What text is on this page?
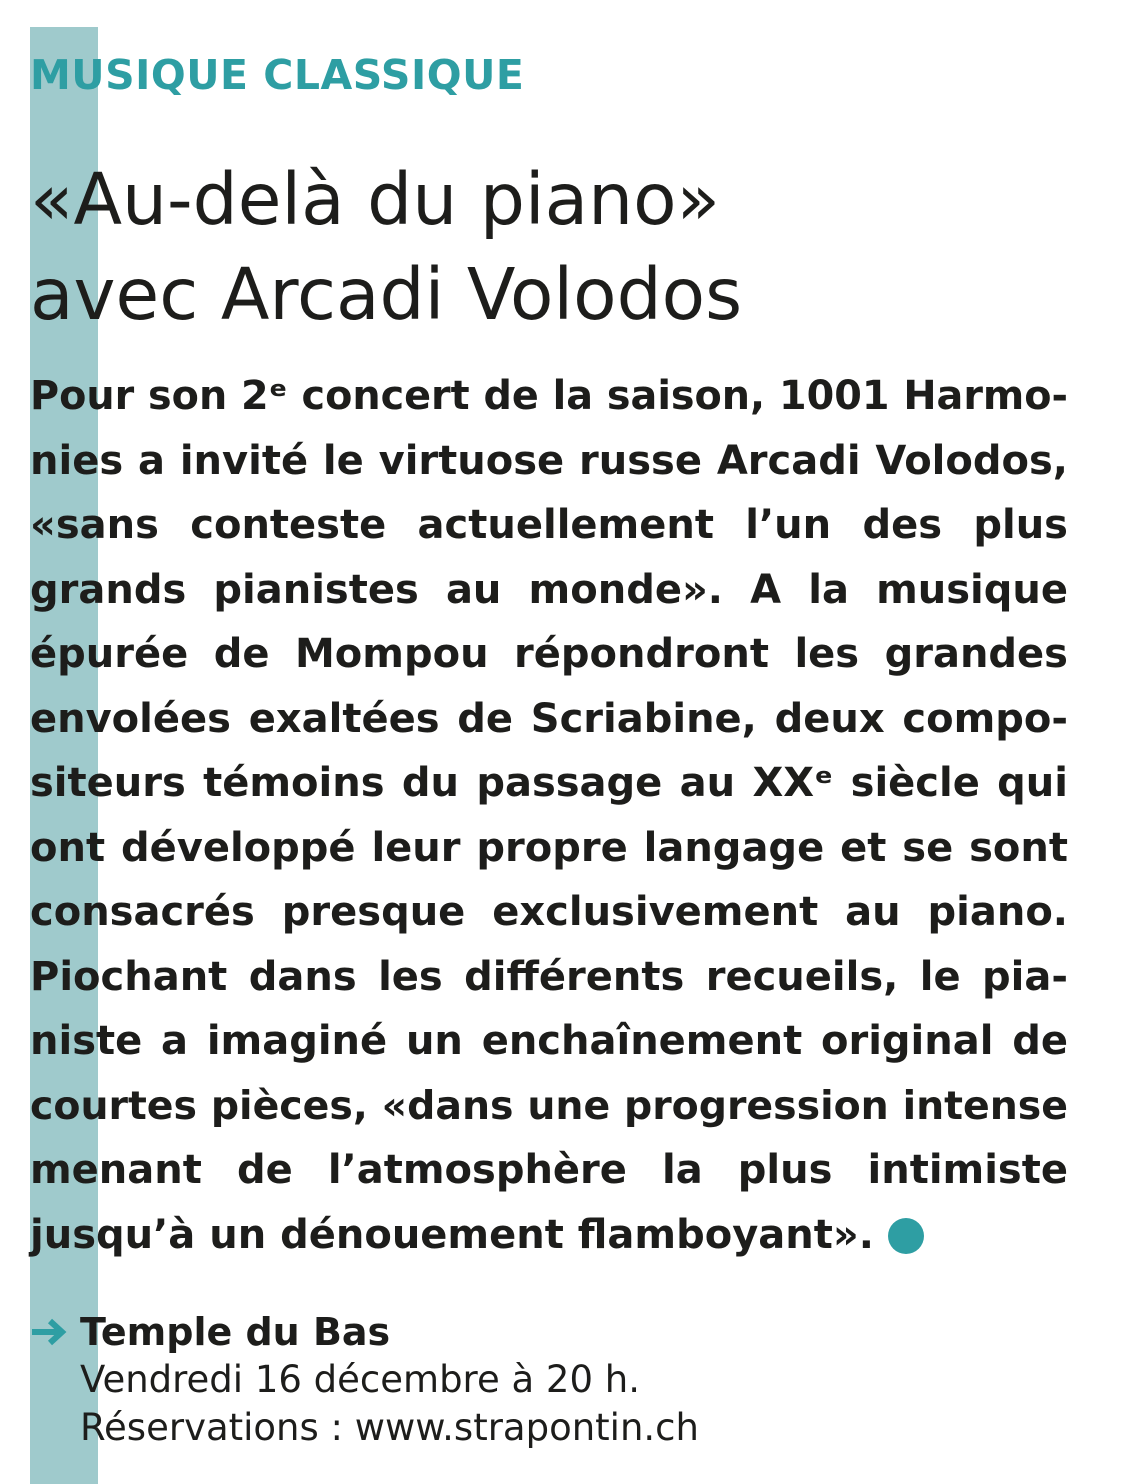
MUSIQUE CLASSIQUE
«Au-delà du piano»
avec Arcadi Volodos

Pour son 2ᵉ concert de la saison, 1001 Harmo-
nies a invité le virtuose russe Arcadi Volodos,
«sans conteste actuellement l’un des plus
grands pianistes au monde». A la musique
épurée de Mompou répondront les grandes
envolées exaltées de Scriabine, deux compo-
siteurs témoins du passage au XXᵉ siècle qui
ont développé leur propre langage et se sont
consacrés presque exclusivement au piano.
Piochant dans les différents recueils, le pia-
niste a imaginé un enchaînement original de
courtes pièces, «dans une progression intense
menant de l’atmosphère la plus intimiste
jusqu’à un dénouement flamboyant».

Temple du Bas
Vendredi 16 décembre à 20 h.
Réservations : www.strapontin.ch
